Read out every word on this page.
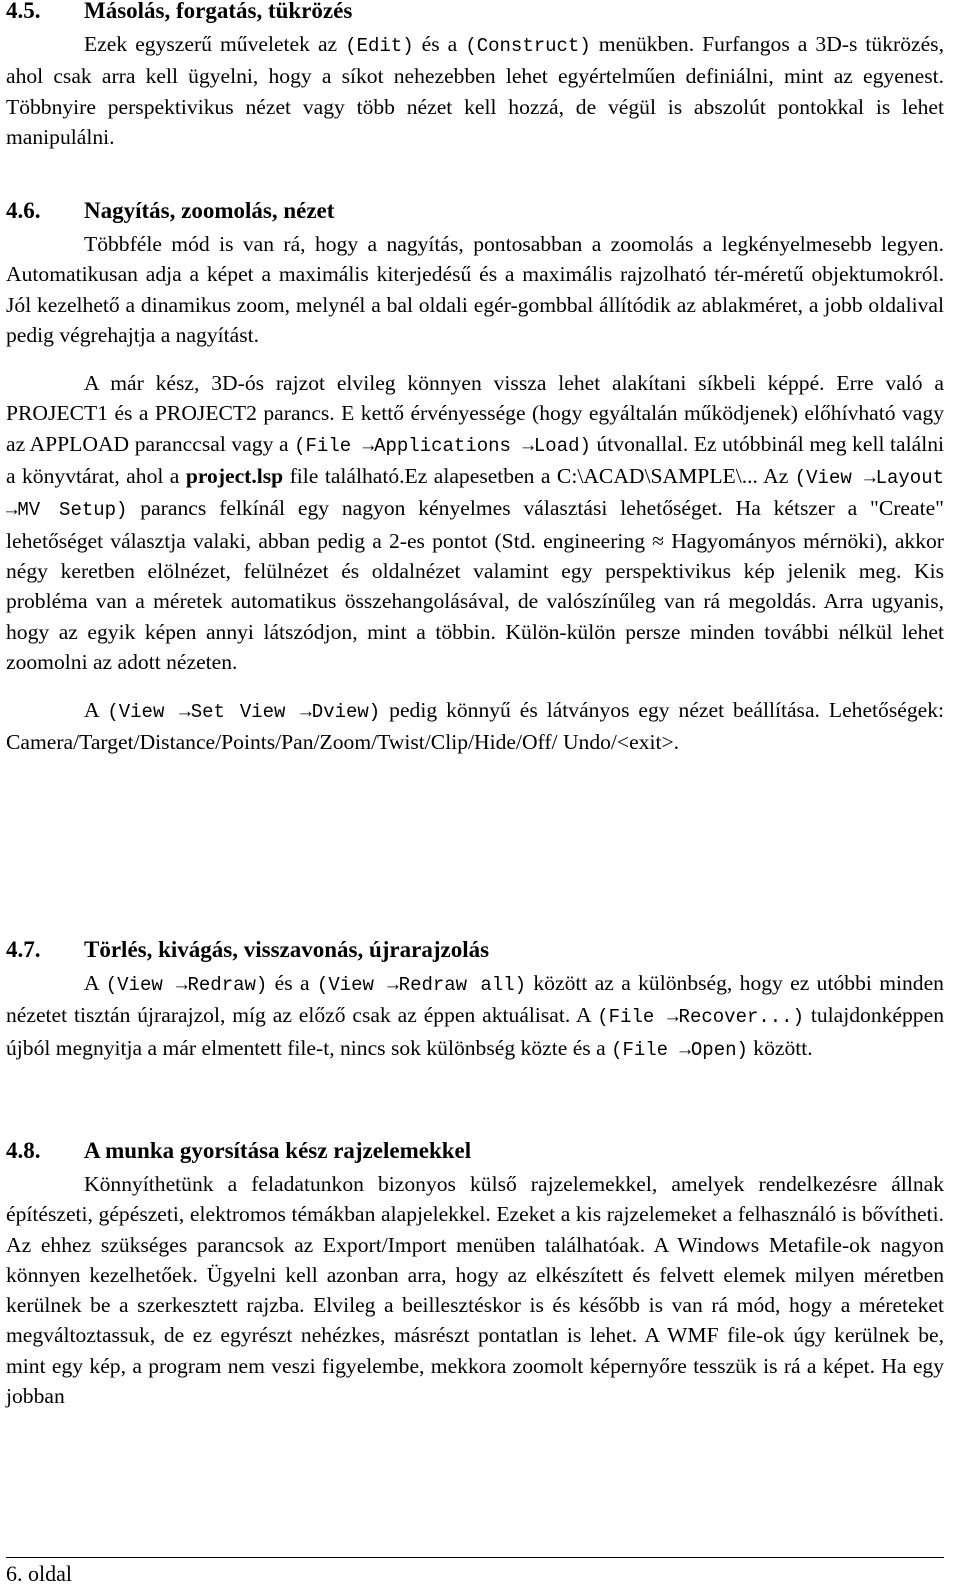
4.5. Másolás, forgatás, tükrözés

Ezek egyszerű műveletek az (Edit) és a (Construct) menükben. Furfangos a 3D-s tükrözés, ahol csak arra kell ügyelni, hogy a síkot nehezebben lehet egyértelműen definiálni, mint az egyenest. Többnyire perspektivikus nézet vagy több nézet kell hozzá, de végül is abszolút pontokkal is lehet manipulálni.

4.6. Nagyítás, zoomolás, nézet

Többféle mód is van rá, hogy a nagyítás, pontosabban a zoomolás a legkényelmesebb legyen. Automatikusan adja a képet a maximális kiterjedésű és a maximális rajzolható tér-méretű objektumokról. Jól kezelhető a dinamikus zoom, melynél a bal oldali egér-gombbal állítódik az ablakméret, a jobb oldalival pedig végrehajtja a nagyítást.

A már kész, 3D-ós rajzot elvileg könnyen vissza lehet alakítani síkbeli képpé. Erre való a PROJECT1 és a PROJECT2 parancs. E kettő érvényessége (hogy egyáltalán működjenek) előhívható vagy az APPLOAD paranccsal vagy a (File →Applications →Load) útvonallal. Ez utóbbinál meg kell találni a könyvtárat, ahol a project.lsp file található.Ez alapesetben a C:\ACAD\SAMPLE\... Az (View →Layout →MV Setup) parancs felkínál egy nagyon kényelmes választási lehetőséget. Ha kétszer a "Create" lehetőséget választja valaki, abban pedig a 2-es pontot (Std. engineering ≈ Hagyományos mérnöki), akkor négy keretben elölnézet, felülnézet és oldalnézet valamint egy perspektivikus kép jelenik meg. Kis probléma van a méretek automatikus összehangolásával, de valószínűleg van rá megoldás. Arra ugyanis, hogy az egyik képen annyi látszódjon, mint a többin. Külön-külön persze minden további nélkül lehet zoomolni az adott nézeten.

A (View →Set View →Dview) pedig könnyű és látványos egy nézet beállítása. Lehetőségek: Camera/Target/Distance/Points/Pan/Zoom/Twist/Clip/Hide/Off/ Undo/<exit>.

4.7. Törlés, kivágás, visszavonás, újrarajzolás

A (View →Redraw) és a (View →Redraw all) között az a különbség, hogy ez utóbbi minden nézetet tisztán újrarajzol, míg az előző csak az éppen aktuálisat. A (File →Recover...) tulajdonképpen újból megnyitja a már elmentett file-t, nincs sok különbség közte és a (File →Open) között.

4.8. A munka gyorsítása kész rajzelemekkel

Könnyíthetünk a feladatunkon bizonyos külső rajzelemekkel, amelyek rendelkezésre állnak építészeti, gépészeti, elektromos témákban alapjelekkel. Ezeket a kis rajzelemeket a felhasználó is bővítheti. Az ehhez szükséges parancsok az Export/Import menüben találhatóak. A Windows Metafile-ok nagyon könnyen kezelhetőek. Ügyelni kell azonban arra, hogy az elkészített és felvett elemek milyen méretben kerülnek be a szerkesztett rajzba. Elvileg a beillesztéskor is és később is van rá mód, hogy a méreteket megváltoztassuk, de ez egyrészt nehézkes, másrészt pontatlan is lehet. A WMF file-ok úgy kerülnek be, mint egy kép, a program nem veszi figyelembe, mekkora zoomolt képernyőre tesszük is rá a képet. Ha egy jobban

6. oldal
